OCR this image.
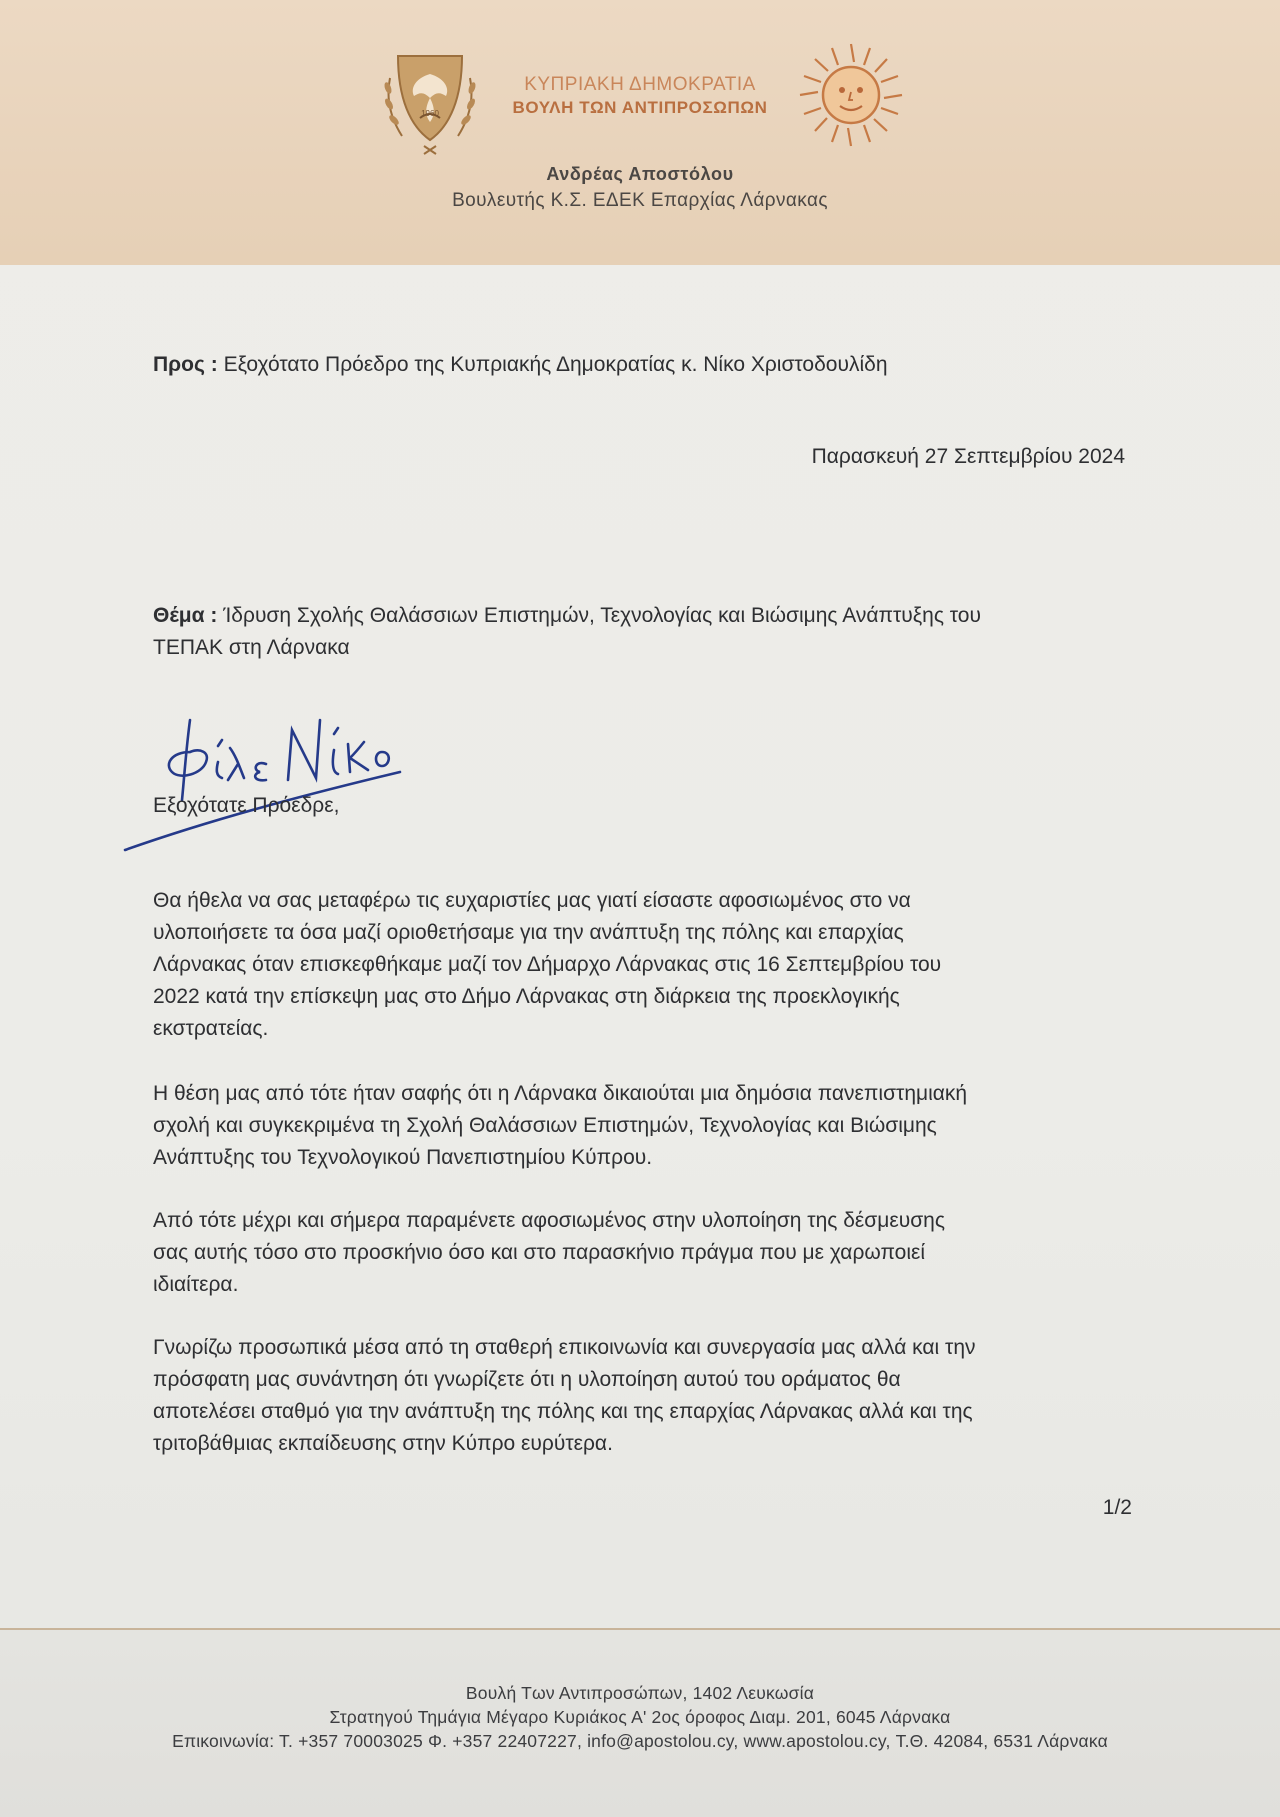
1960
ΚΥΠΡΙΑΚΗ ΔΗΜΟΚΡΑΤΙΑ
ΒΟΥΛΗ ΤΩΝ ΑΝΤΙΠΡΟΣΩΠΩΝ
Ανδρέας Αποστόλου
Βουλευτής Κ.Σ. ΕΔΕΚ Επαρχίας Λάρνακας
Προς : Εξοχότατο Πρόεδρο της Κυπριακής Δημοκρατίας κ. Νίκο Χριστοδουλίδη
Παρασκευή 27 Σεπτεμβρίου 2024
Θέμα : Ίδρυση Σχολής Θαλάσσιων Επιστημών, Τεχνολογίας και Βιώσιμης Ανάπτυξης του
ΤΕΠΑΚ στη Λάρνακα
Εξοχότατε Πρόεδρε,
Θα ήθελα να σας μεταφέρω τις ευχαριστίες μας γιατί είσαστε αφοσιωμένος στο να
υλοποιήσετε τα όσα μαζί οριοθετήσαμε για την ανάπτυξη της πόλης και επαρχίας
Λάρνακας όταν επισκεφθήκαμε μαζί τον Δήμαρχο Λάρνακας στις 16 Σεπτεμβρίου του
2022 κατά την επίσκεψη μας στο Δήμο Λάρνακας στη διάρκεια της προεκλογικής
εκστρατείας.
Η θέση μας από τότε ήταν σαφής ότι η Λάρνακα δικαιούται μια δημόσια πανεπιστημιακή
σχολή και συγκεκριμένα τη Σχολή Θαλάσσιων Επιστημών, Τεχνολογίας και Βιώσιμης
Ανάπτυξης του Τεχνολογικού Πανεπιστημίου Κύπρου.
Από τότε μέχρι και σήμερα παραμένετε αφοσιωμένος στην υλοποίηση της δέσμευσης
σας αυτής τόσο στο προσκήνιο όσο και στο παρασκήνιο πράγμα που με χαρωποιεί
ιδιαίτερα.
Γνωρίζω προσωπικά μέσα από τη σταθερή επικοινωνία και συνεργασία μας αλλά και την
πρόσφατη μας συνάντηση ότι γνωρίζετε ότι η υλοποίηση αυτού του οράματος θα
αποτελέσει σταθμό για την ανάπτυξη της πόλης και της επαρχίας Λάρνακας αλλά και της
τριτοβάθμιας εκπαίδευσης στην Κύπρο ευρύτερα.
1/2
Βουλή Των Αντιπροσώπων, 1402 Λευκωσία
Στρατηγού Τημάγια Μέγαρο Κυριάκος Α' 2ος όροφος Διαμ. 201, 6045 Λάρνακα
Επικοινωνία: Τ. +357 70003025 Φ. +357 22407227, info@apostolou.cy, www.apostolou.cy, Τ.Θ. 42084, 6531 Λάρνακα
